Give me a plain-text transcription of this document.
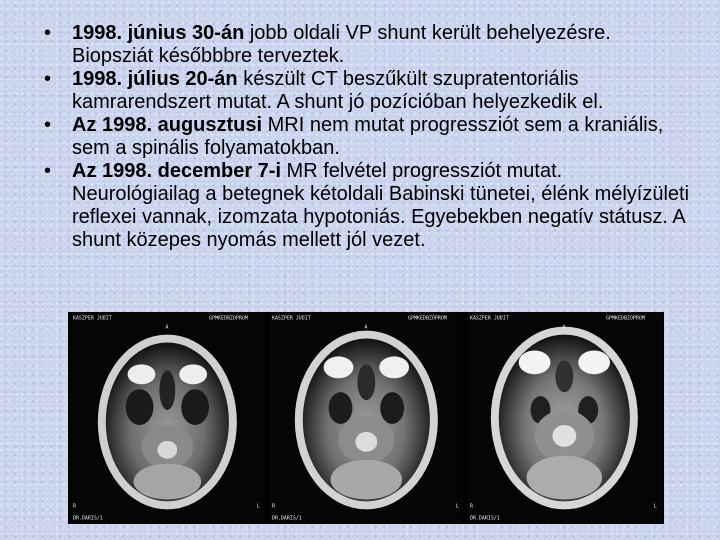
•	1998. június 30-án jobb oldali VP shunt került behelyezésre. Biopsziát későbbbre terveztek.
•	1998. július 20-án készült CT beszűkült szupratentoriális kamrarendszert mutat. A shunt jó pozícióban helyezkedik el.
•	Az 1998. augusztusi MRI nem mutat progressziót sem a kraniális, sem a spinális folyamatokban.
•	Az 1998. december 7-i MR felvétel progressziót mutat. Neurológiailag a betegnek kétoldali Babinski tünetei, élénk mélyízületi reflexei vannak, izomzata hypotoniás. Egyebekben negatív státusz. A shunt közepes nyomás mellett jól vezet.
KASZPER JUDIT	GPMKEDBZOPROM
A
R	L
DR.DARIS/1
KASZPER JUDIT	GPMKEDBZOPROM
A
R	L
DR.DARIS/1
KASZPER JUDIT	GPMKEDBZOPROM
A
R	L
DR.DARIS/1
